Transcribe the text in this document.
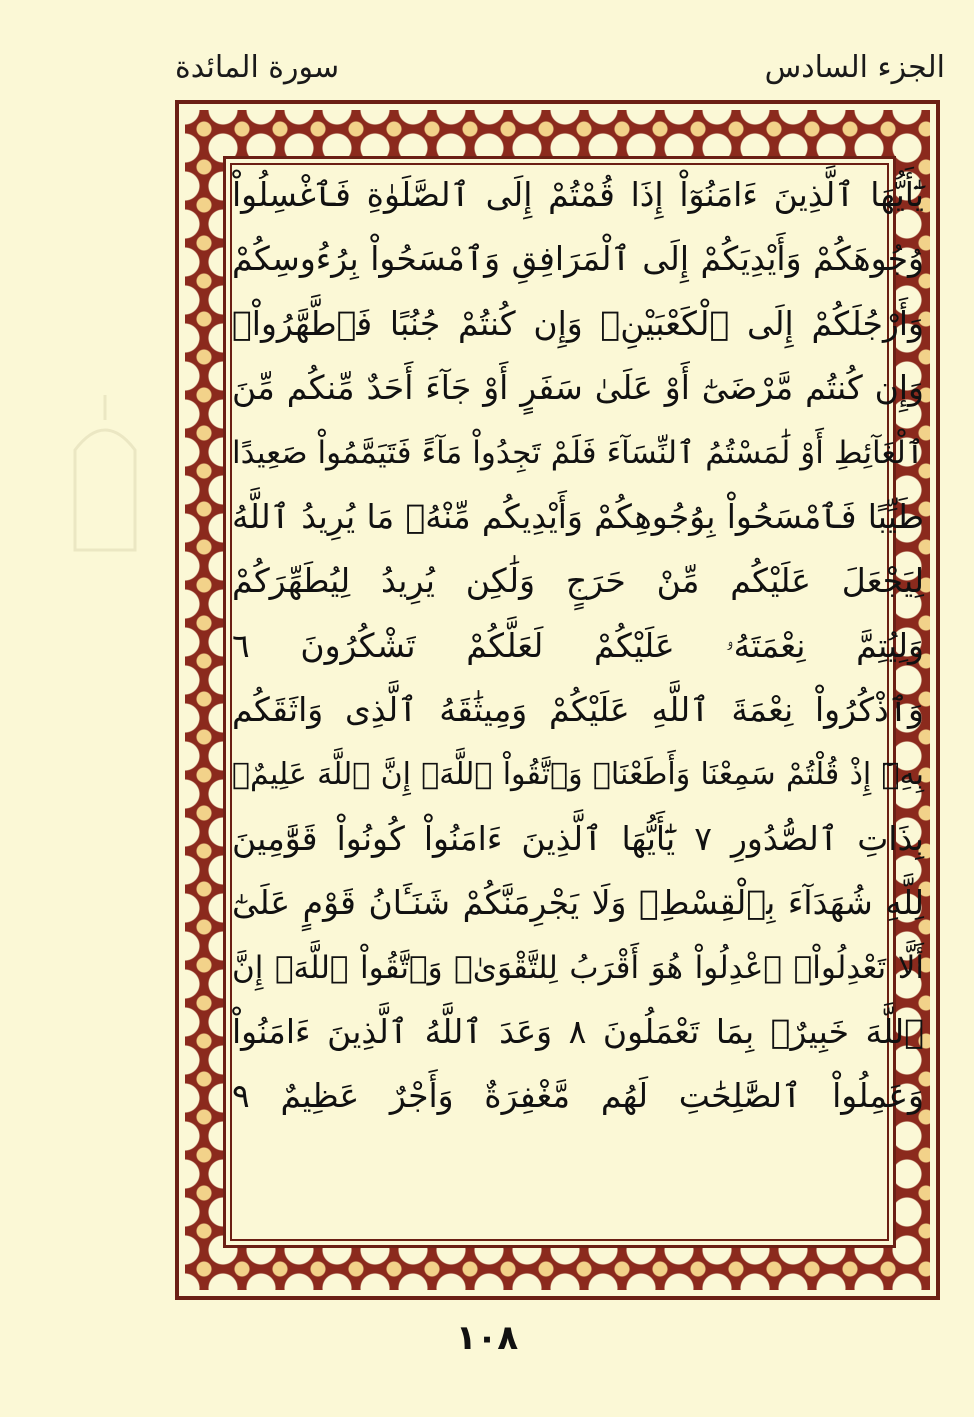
الجزء السادس
سورة المائدة
يَٰٓأَيُّهَا ٱلَّذِينَ ءَامَنُوٓاْ إِذَا قُمْتُمْ إِلَى ٱلصَّلَوٰةِ فَٱغْسِلُواْ
وُجُوهَكُمْ وَأَيْدِيَكُمْ إِلَى ٱلْمَرَافِقِ وَٱمْسَحُواْ بِرُءُوسِكُمْ
وَأَرْجُلَكُمْ إِلَى ٱلْكَعْبَيْنِۚ وَإِن كُنتُمْ جُنُبًا فَٱطَّهَّرُواْۚ
وَإِن كُنتُم مَّرْضَىٰٓ أَوْ عَلَىٰ سَفَرٍ أَوْ جَآءَ أَحَدٌ مِّنكُم مِّنَ
ٱلْغَآئِطِ أَوْ لَٰمَسْتُمُ ٱلنِّسَآءَ فَلَمْ تَجِدُواْ مَآءً فَتَيَمَّمُواْ صَعِيدًا
طَيِّبًا فَٱمْسَحُواْ بِوُجُوهِكُمْ وَأَيْدِيكُم مِّنْهُۚ مَا يُرِيدُ ٱللَّهُ
لِيَجْعَلَ عَلَيْكُم مِّنْ حَرَجٍ وَلَٰكِن يُرِيدُ لِيُطَهِّرَكُمْ
وَلِيُتِمَّ نِعْمَتَهُۥ عَلَيْكُمْ لَعَلَّكُمْ تَشْكُرُونَ ٦
وَٱذْكُرُواْ نِعْمَةَ ٱللَّهِ عَلَيْكُمْ وَمِيثَٰقَهُ ٱلَّذِى وَاثَقَكُم
بِهِۦٓ إِذْ قُلْتُمْ سَمِعْنَا وَأَطَعْنَاۖ وَٱتَّقُواْ ٱللَّهَۚ إِنَّ ٱللَّهَ عَلِيمٌۢ
بِذَاتِ ٱلصُّدُورِ ٧ يَٰٓأَيُّهَا ٱلَّذِينَ ءَامَنُواْ كُونُواْ قَوَّٰمِينَ
لِلَّهِ شُهَدَآءَ بِٱلْقِسْطِۖ وَلَا يَجْرِمَنَّكُمْ شَنَـَٔانُ قَوْمٍ عَلَىٰٓ
أَلَّا تَعْدِلُواْۚ ٱعْدِلُواْ هُوَ أَقْرَبُ لِلتَّقْوَىٰۖ وَٱتَّقُواْ ٱللَّهَۚ إِنَّ
ٱللَّهَ خَبِيرٌۢ بِمَا تَعْمَلُونَ ٨ وَعَدَ ٱللَّهُ ٱلَّذِينَ ءَامَنُواْ
وَعَمِلُواْ ٱلصَّٰلِحَٰتِ لَهُم مَّغْفِرَةٌ وَأَجْرٌ عَظِيمٌ ٩
١٠٨
